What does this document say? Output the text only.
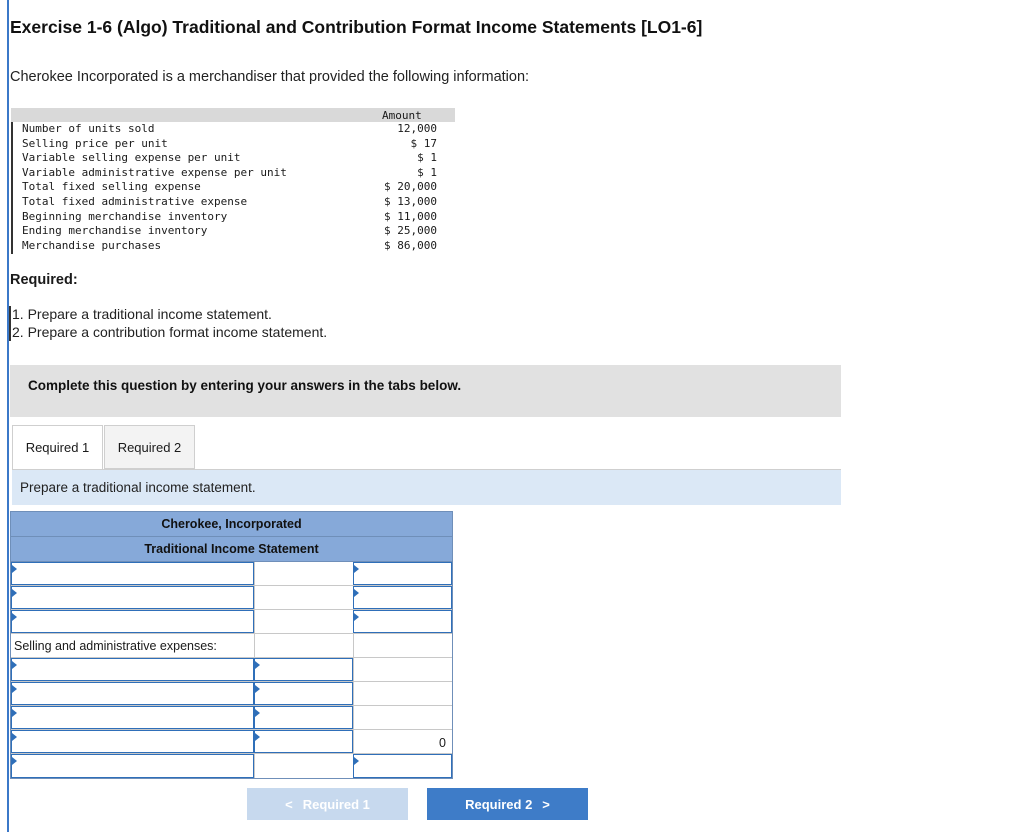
Exercise 1-6 (Algo) Traditional and Contribution Format Income Statements [LO1-6]
Cherokee Incorporated is a merchandiser that provided the following information:
Amount
Number of units sold	12,000
Selling price per unit	$ 17
Variable selling expense per unit	$ 1
Variable administrative expense per unit	$ 1
Total fixed selling expense	$ 20,000
Total fixed administrative expense	$ 13,000
Beginning merchandise inventory	$ 11,000
Ending merchandise inventory	$ 25,000
Merchandise purchases	$ 86,000
Required:
1. Prepare a traditional income statement.
2. Prepare a contribution format income statement.
Complete this question by entering your answers in the tabs below.
Required 1	Required 2
Prepare a traditional income statement.
Cherokee, Incorporated
Traditional Income Statement
Selling and administrative expenses:
0
< Required 1	Required 2 >
